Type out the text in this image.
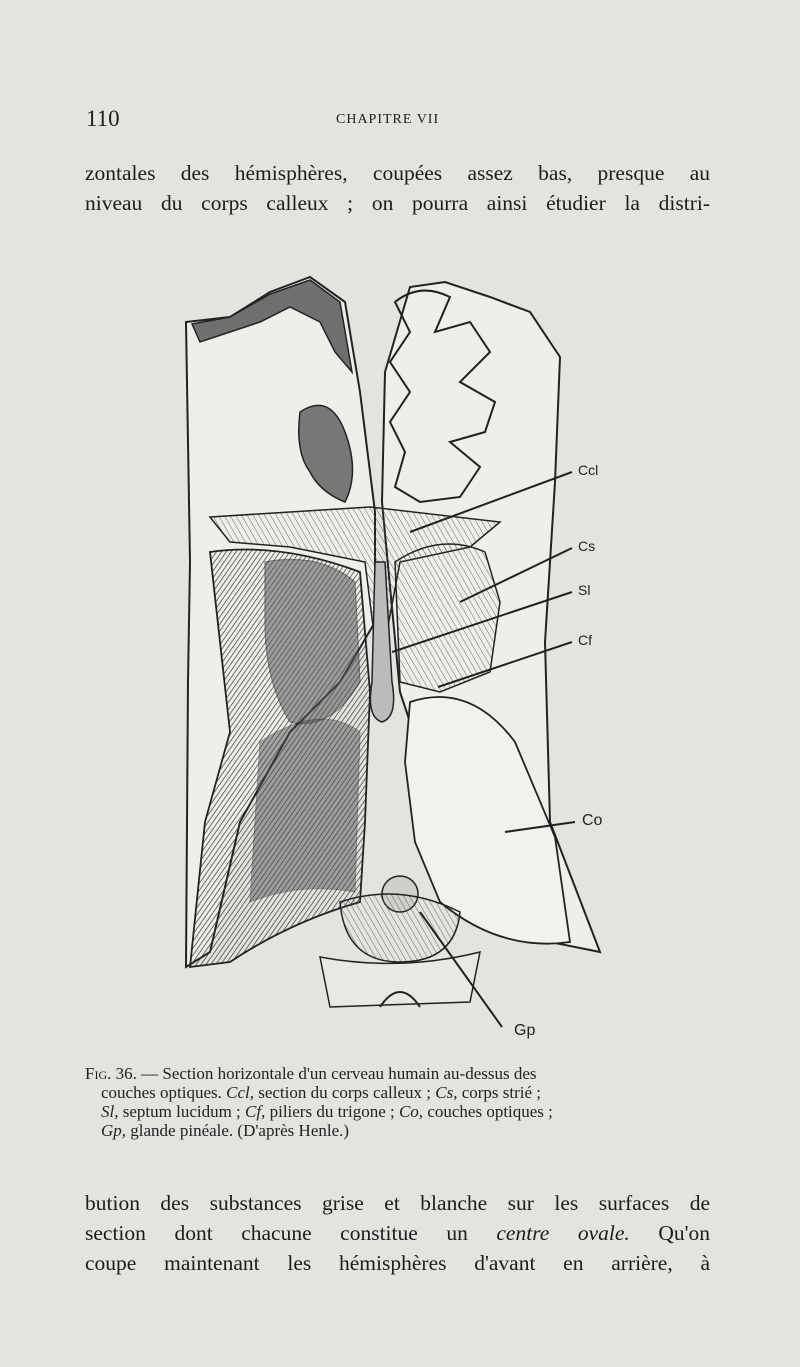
110	CHAPITRE VII
zontales des hémisphères, coupées assez bas, presque au
niveau du corps calleux ; on pourra ainsi étudier la distri-
Ccl
Cs
Sl
Cf
Co
Gp
Fig. 36. — Section horizontale d'un cerveau humain au-dessus des
couches optiques. Ccl, section du corps calleux ; Cs, corps strié ;
Sl, septum lucidum ; Cf, piliers du trigone ; Co, couches optiques ;
Gp, glande pinéale. (D'après Henle.)
bution des substances grise et blanche sur les surfaces de
section dont chacune constitue un centre ovale. Qu'on
coupe maintenant les hémisphères d'avant en arrière, à
